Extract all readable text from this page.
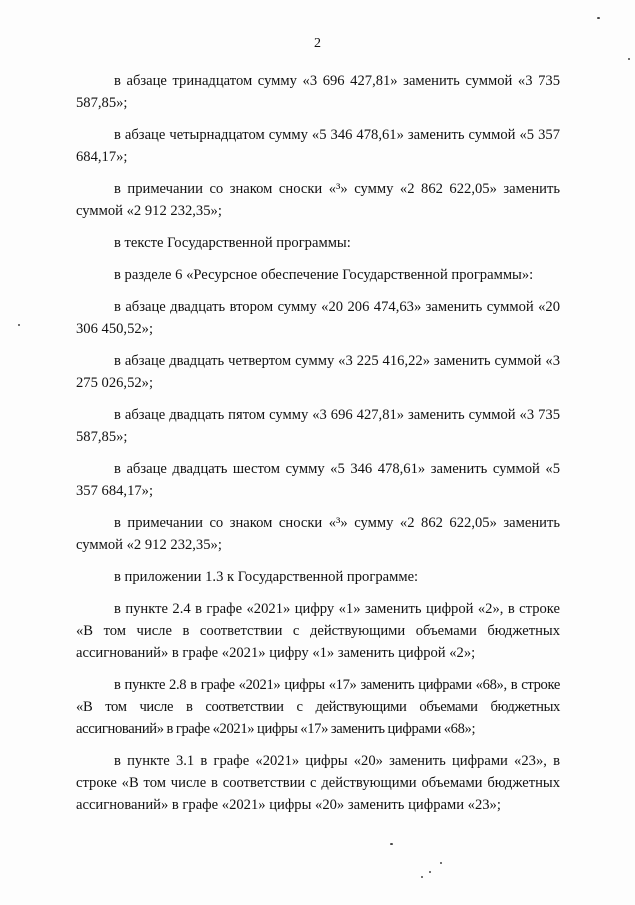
2

в абзаце тринадцатом сумму «3 696 427,81» заменить суммой «3 735 587,85»;

в абзаце четырнадцатом сумму «5 346 478,61» заменить суммой «5 357 684,17»;

в примечании со знаком сноски «³» сумму «2 862 622,05» заменить суммой «2 912 232,35»;

в тексте Государственной программы:

в разделе 6 «Ресурсное обеспечение Государственной программы»:

в абзаце двадцать втором сумму «20 206 474,63» заменить суммой «20 306 450,52»;

в абзаце двадцать четвертом сумму «3 225 416,22» заменить суммой «3 275 026,52»;

в абзаце двадцать пятом сумму «3 696 427,81» заменить суммой «3 735 587,85»;

в абзаце двадцать шестом сумму «5 346 478,61» заменить суммой «5 357 684,17»;

в примечании со знаком сноски «³» сумму «2 862 622,05» заменить суммой «2 912 232,35»;

в приложении 1.3 к Государственной программе:

в пункте 2.4 в графе «2021» цифру «1» заменить цифрой «2», в строке «В том числе в соответствии с действующими объемами бюджетных ассигнований» в графе «2021» цифру «1» заменить цифрой «2»;

в пункте 2.8 в графе «2021» цифры «17» заменить цифрами «68», в строке «В том числе в соответствии с действующими объемами бюджетных ассигнований» в графе «2021» цифры «17» заменить цифрами «68»;

в пункте 3.1 в графе «2021» цифры «20» заменить цифрами «23», в строке «В том числе в соответствии с действующими объемами бюджетных ассигнований» в графе «2021» цифры «20» заменить цифрами «23»;
